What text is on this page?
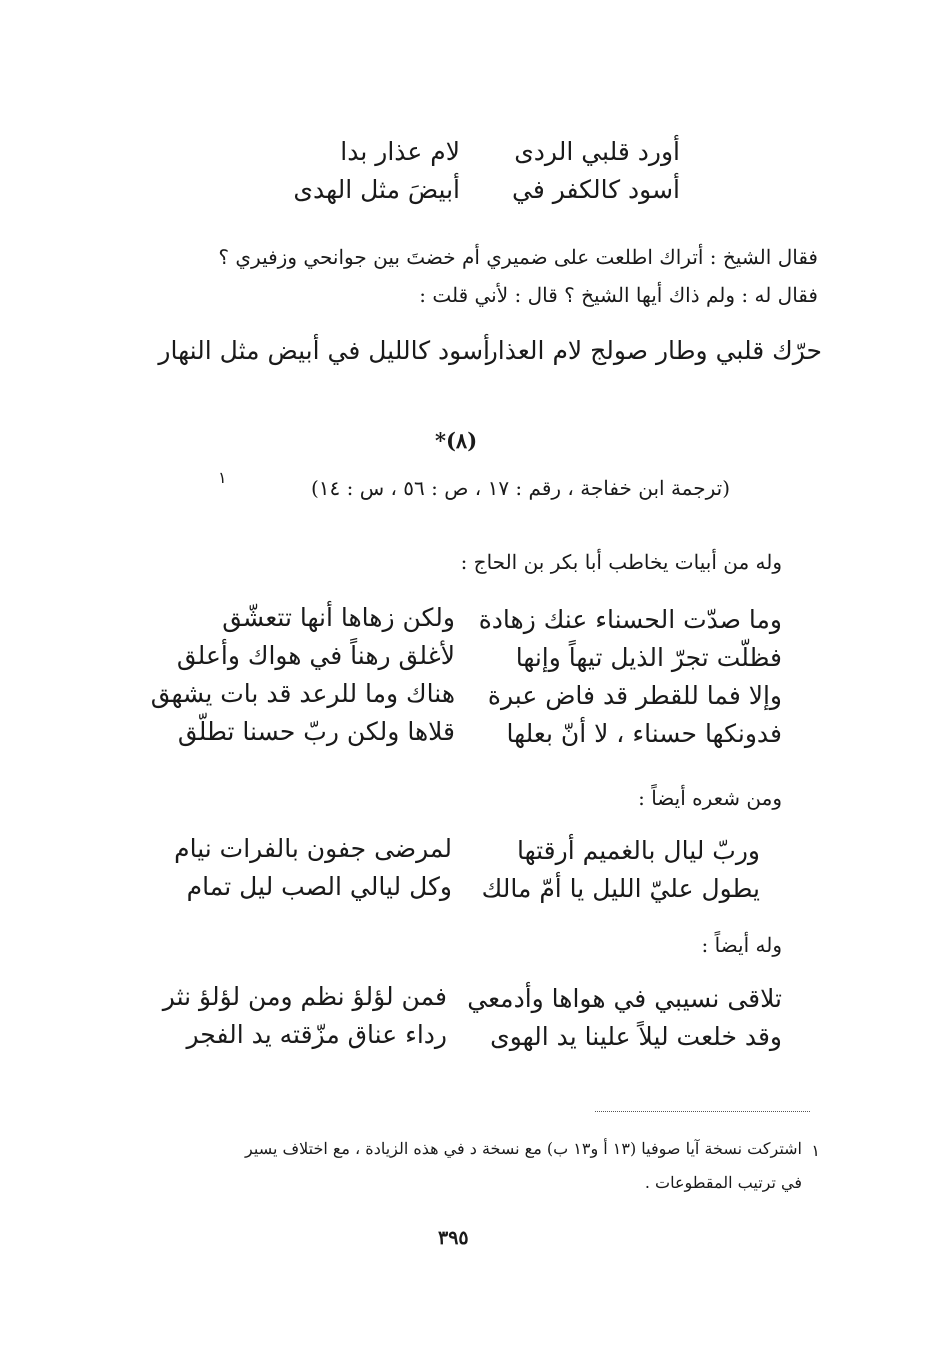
أورد قلبي الردى
لام عذار بدا
أسود كالكفر في
أبيضَ مثل الهدى
فقال الشيخ : أتراك اطلعت على ضميري أم خضتَ بين جوانحي وزفيري ؟
فقال له : ولم ذاك أيها الشيخ ؟ قال : لأني قلت :
حرّك قلبي وطار صولج لام العذار
أسود كالليل في أبيض مثل النهار
(٨)*
(ترجمة ابن خفاجة ، رقم : ١٧ ، ص : ٥٦ ، س : ١٤)
١
وله من أبيات يخاطب أبا بكر بن الحاج :
وما صدّت الحسناء عنك زهادة
ولكن زهاها أنها تتعشّق
فظلّت تجرّ الذيل تيهاً وإنها
لأغلق رهناً في هواك وأعلق
وإلا فما للقطر قد فاض عبرة
هناك وما للرعد قد بات يشهق
فدونكها حسناء ، لا أنّ بعلها
قلاها ولكن ربّ حسنا تطلّق
ومن شعره أيضاً :
وربّ ليال بالغميم أرقتها
لمرضى جفون بالفرات نيام
يطول عليّ الليل يا أمّ مالك
وكل ليالي الصب ليل تمام
وله أيضاً :
تلاقى نسيبي في هواها وأدمعي
فمن لؤلؤ نظم ومن لؤلؤ نثر
وقد خلعت ليلاً علينا يد الهوى
رداء عناق مزّقته يد الفجر
١
اشتركت نسخة آيا صوفيا (١٣ أ و١٣ ب) مع نسخة د في هذه الزيادة ، مع اختلاف يسير
في ترتيب المقطوعات .
٣٩٥
